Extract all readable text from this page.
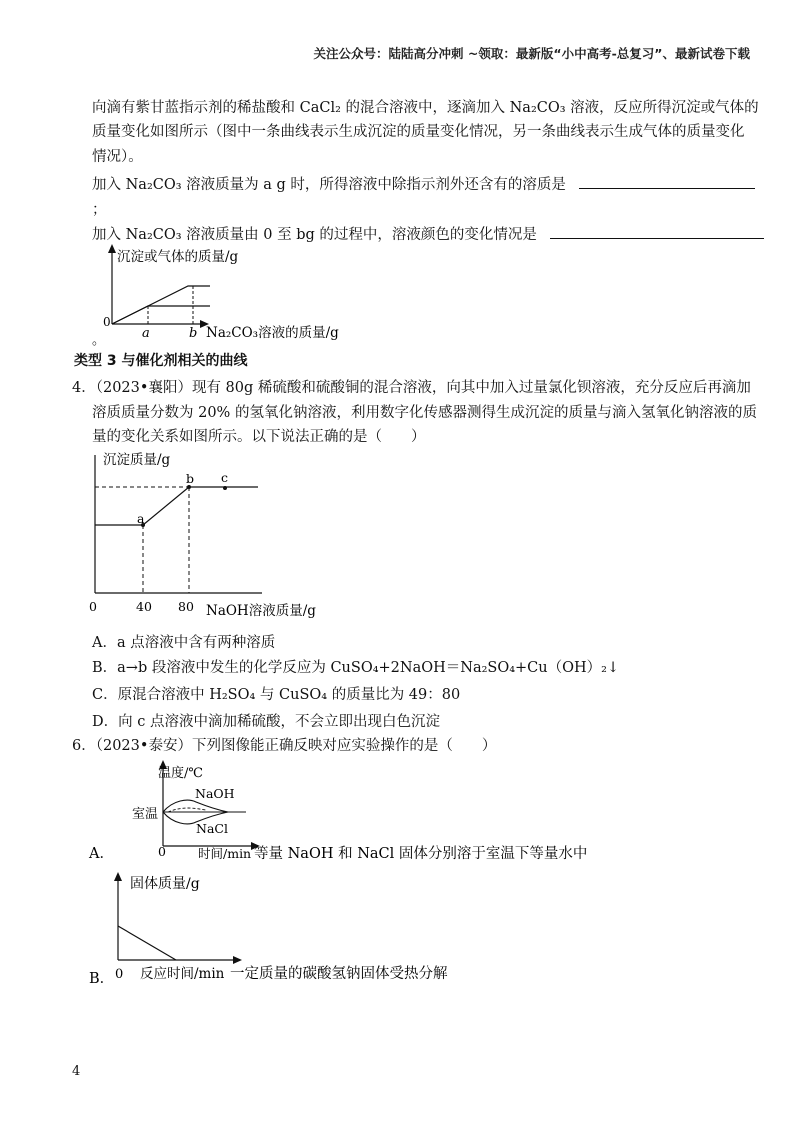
关注公众号：陆陆高分冲刺 ~领取：最新版“小中高考-总复习”、最新试卷下载
向滴有紫甘蓝指示剂的稀盐酸和 CaCl₂ 的混合溶液中，逐滴加入 Na₂CO₃ 溶液，反应所得沉淀或气体的
质量变化如图所示（图中一条曲线表示生成沉淀的质量变化情况，另一条曲线表示生成气体的质量变化
情况）。
加入 Na₂CO₃ 溶液质量为 a g 时，所得溶液中除指示剂外还含有的溶质是
；
加入 Na₂CO₃ 溶液质量由 0 至 bg 的过程中，溶液颜色的变化情况是
沉淀或气体的质量/g
0
a	b Na₂CO₃溶液的质量/g
。
类型 3 与催化剂相关的曲线
4．（2023•襄阳）现有 80g 稀硫酸和硫酸铜的混合溶液，向其中加入过量氯化钡溶液，充分反应后再滴加
溶质质量分数为 20% 的氢氧化钠溶液，利用数字化传感器测得生成沉淀的质量与滴入氢氧化钠溶液的质
量的变化关系如图所示。以下说法正确的是（　　）
沉淀质量/g
0	40 80 NaOH溶液质量/g
a
b c
A．a 点溶液中含有两种溶质
B．a→b 段溶液中发生的化学反应为 CuSO₄+2NaOH＝Na₂SO₄+Cu（OH）₂↓
C．原混合溶液中 H₂SO₄ 与 CuSO₄ 的质量比为 49：80
D．向 c 点溶液中滴加稀硫酸，不会立即出现白色沉淀
6．（2023•泰安）下列图像能正确反映对应实验操作的是（　　）
A．
温度/℃
室温
NaOH
NaCl
0	时间/min 等量 NaOH 和 NaCl 固体分别溶于室温下等量水中
B．
固体质量/g
0 反应时间/min 一定质量的碳酸氢钠固体受热分解
4
